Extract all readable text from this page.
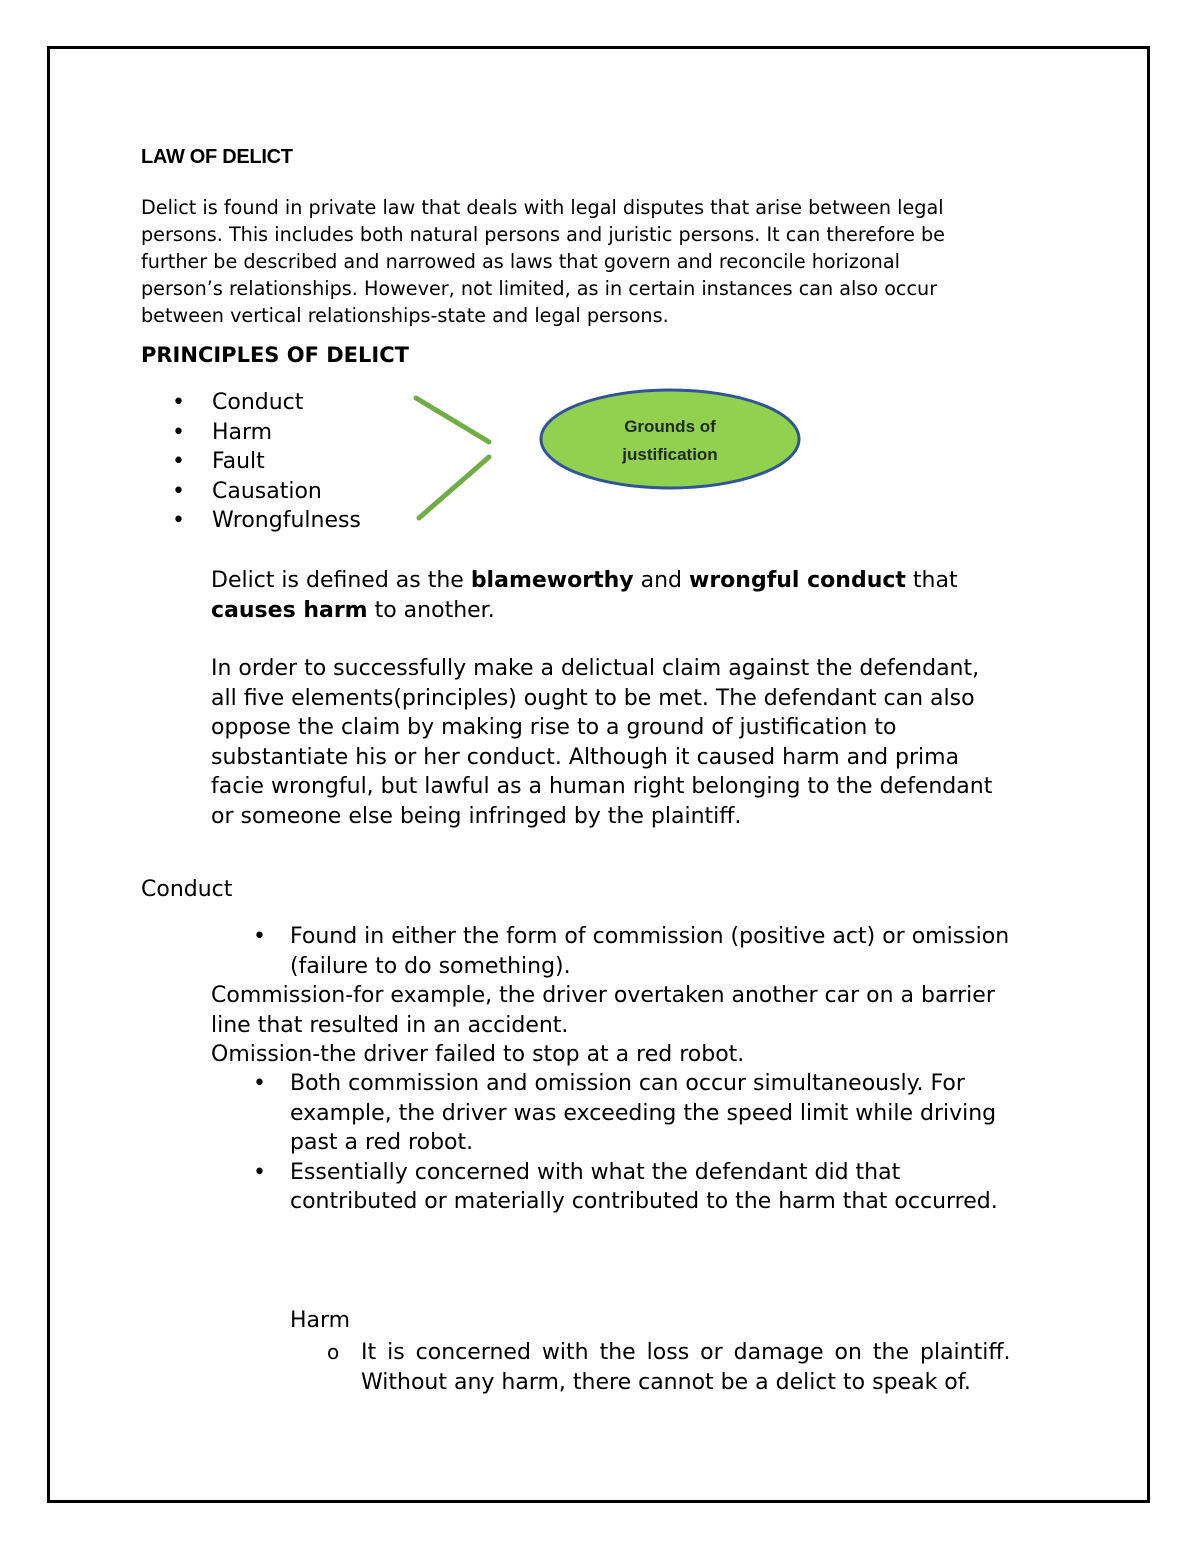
LAW OF DELICT

Delict is found in private law that deals with legal disputes that arise between legal

persons. This includes both natural persons and juristic persons. It can therefore be

further be described and narrowed as laws that govern and reconcile horizonal

person’s relationships. However, not limited, as in certain instances can also occur

between vertical relationships-state and legal persons.

PRINCIPLES OF DELICT
• Conduct
• Harm
• Fault
• Causation
• Wrongfulness
Grounds of
justification

Delict is defined as the blameworthy and wrongful conduct that

causes harm to another.

In order to successfully make a delictual claim against the defendant,

all five elements(principles) ought to be met. The defendant can also

oppose the claim by making rise to a ground of justification to

substantiate his or her conduct. Although it caused harm and prima

facie wrongful, but lawful as a human right belonging to the defendant

or someone else being infringed by the plaintiff.

Conduct

• Found in either the form of commission (positive act) or omission

(failure to do something).

Commission-for example, the driver overtaken another car on a barrier

line that resulted in an accident.

Omission-the driver failed to stop at a red robot.

• Both commission and omission can occur simultaneously. For

example, the driver was exceeding the speed limit while driving

past a red robot.

• Essentially concerned with what the defendant did that

contributed or materially contributed to the harm that occurred.

Harm

o It is concerned with the loss or damage on the plaintiff.

Without any harm, there cannot be a delict to speak of.
